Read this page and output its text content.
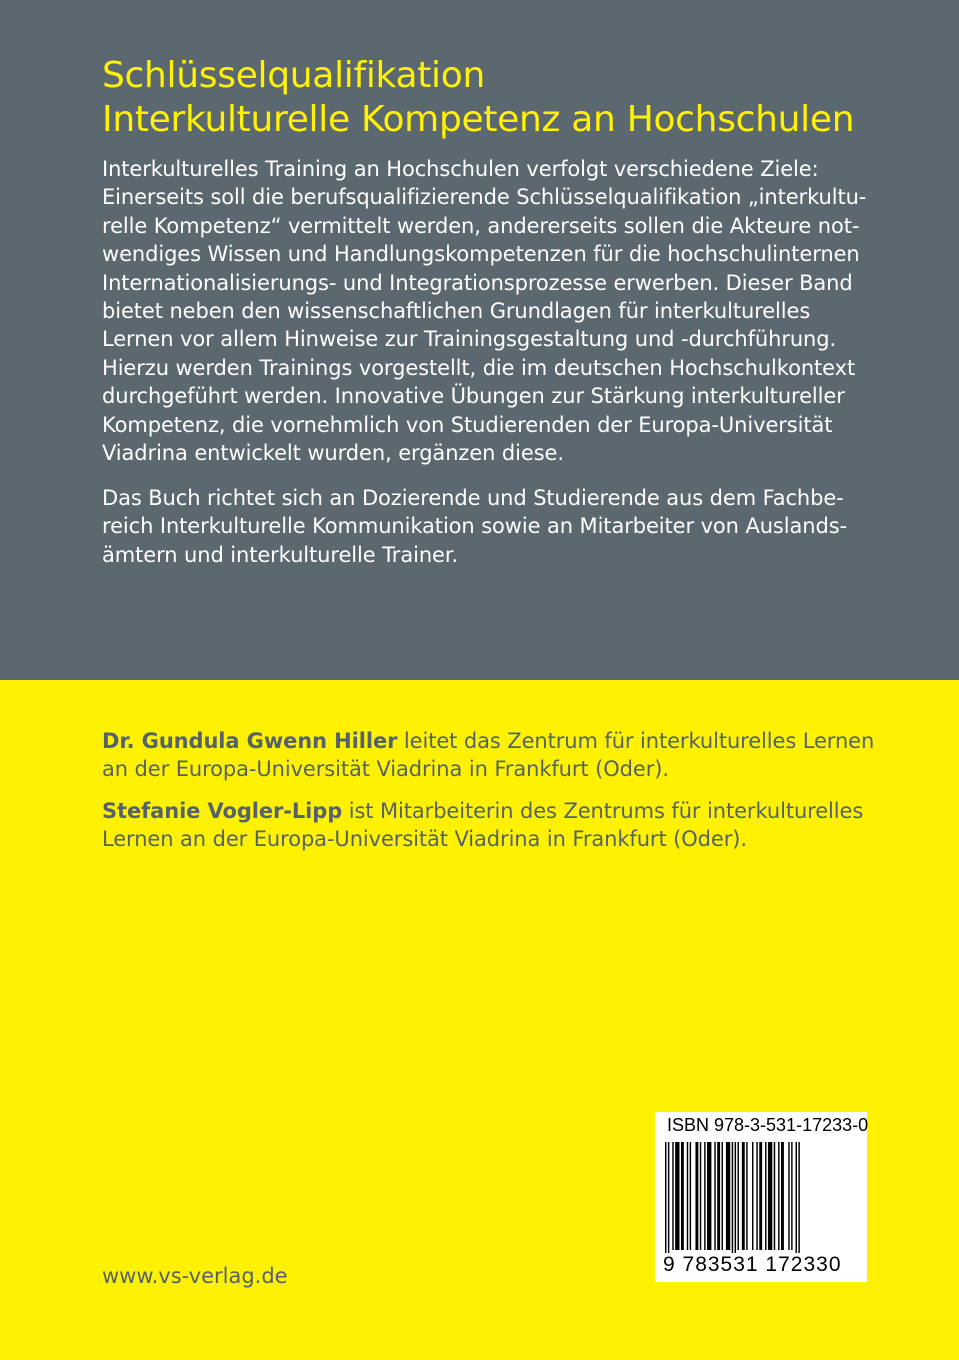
Schlüsselqualifikation
Interkulturelle Kompetenz an Hochschulen
Interkulturelles Training an Hochschulen verfolgt verschiedene Ziele:
Einerseits soll die berufsqualifizierende Schlüsselqualifikation „interkultu-
relle Kompetenz“ vermittelt werden, andererseits sollen die Akteure not-
wendiges Wissen und Handlungskompetenzen für die hochschulinternen
Internationalisierungs- und Integrationsprozesse erwerben. Dieser Band
bietet neben den wissenschaftlichen Grundlagen für interkulturelles
Lernen vor allem Hinweise zur Trainingsgestaltung und -durchführung.
Hierzu werden Trainings vorgestellt, die im deutschen Hochschulkontext
durchgeführt werden. Innovative Übungen zur Stärkung interkultureller
Kompetenz, die vornehmlich von Studierenden der Europa-Universität
Viadrina entwickelt wurden, ergänzen diese.
Das Buch richtet sich an Dozierende und Studierende aus dem Fachbe-
reich Interkulturelle Kommunikation sowie an Mitarbeiter von Auslands-
ämtern und interkulturelle Trainer.
Dr. Gundula Gwenn Hiller leitet das Zentrum für interkulturelles Lernen
an der Europa-Universität Viadrina in Frankfurt (Oder).
Stefanie Vogler-Lipp ist Mitarbeiterin des Zentrums für interkulturelles
Lernen an der Europa-Universität Viadrina in Frankfurt (Oder).
www.vs-verlag.de
ISBN 978-3-531-17233-0
9 783531 172330
